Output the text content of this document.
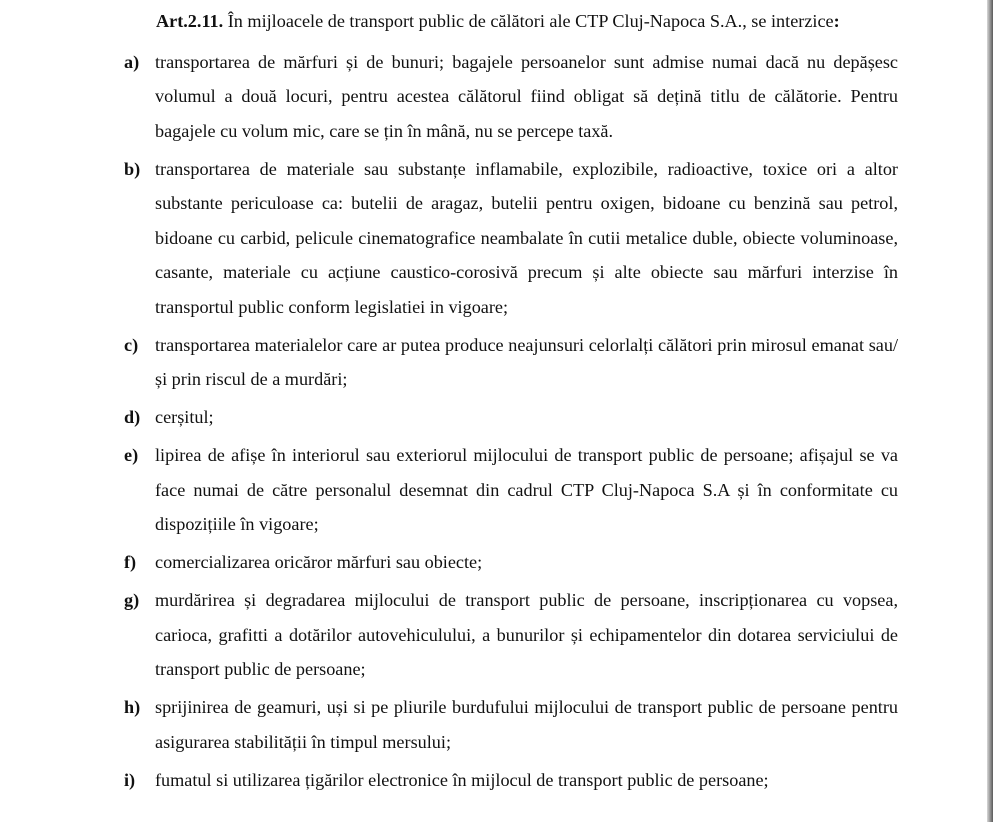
Art.2.11. În mijloacele de transport public de călători ale CTP Cluj-Napoca S.A., se interzice:

a) transportarea de mărfuri și de bunuri; bagajele persoanelor sunt admise numai dacă nu depășesc volumul a două locuri, pentru acestea călătorul fiind obligat să dețină titlu de călătorie. Pentru bagajele cu volum mic, care se țin în mână, nu se percepe taxă.
b) transportarea de materiale sau substanțe inflamabile, explozibile, radioactive, toxice ori a altor substante periculoase ca: butelii de aragaz, butelii pentru oxigen, bidoane cu benzină sau petrol, bidoane cu carbid, pelicule cinematografice neambalate în cutii metalice duble, obiecte voluminoase, casante, materiale cu acțiune caustico-corosivă precum și alte obiecte sau mărfuri interzise în transportul public conform legislatiei in vigoare;
c) transportarea materialelor care ar putea produce neajunsuri celorlalți călători prin mirosul emanat sau/și prin riscul de a murdări;
d) cerșitul;
e) lipirea de afișe în interiorul sau exteriorul mijlocului de transport public de persoane; afișajul se va face numai de către personalul desemnat din cadrul CTP Cluj-Napoca S.A și în conformitate cu dispozițiile în vigoare;
f) comercializarea oricăror mărfuri sau obiecte;
g) murdărirea și degradarea mijlocului de transport public de persoane, inscripționarea cu vopsea, carioca, grafitti a dotărilor autovehiculului, a bunurilor și echipamentelor din dotarea serviciului de transport public de persoane;
h) sprijinirea de geamuri, uși si pe pliurile burdufului mijlocului de transport public de persoane pentru asigurarea stabilității în timpul mersului;
i) fumatul si utilizarea țigărilor electronice în mijlocul de transport public de persoane;
